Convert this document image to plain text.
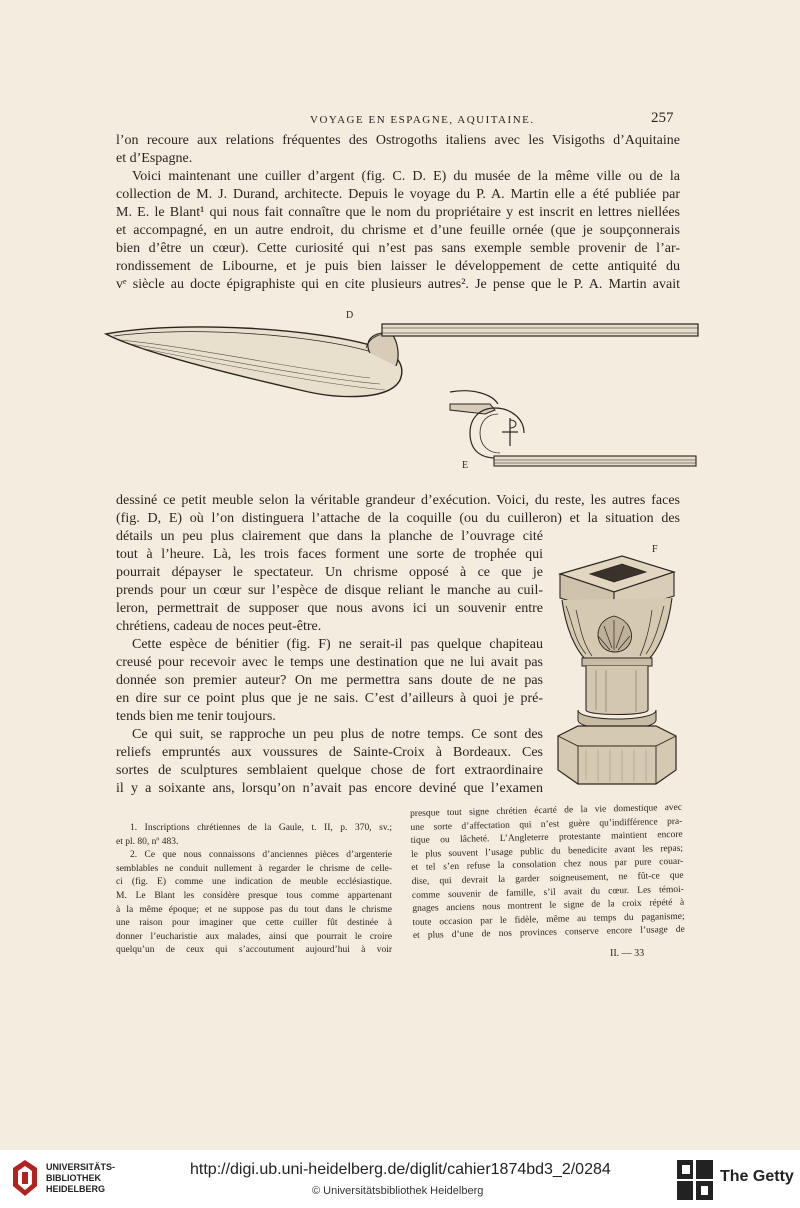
VOYAGE EN ESPAGNE, AQUITAINE.	257
l’on recoure aux relations fréquentes des Ostrogoths italiens avec les Visigoths d’Aquitaine
et d’Espagne.
Voici maintenant une cuiller d’argent (fig. C. D. E) du musée de la même ville ou de la
collection de M. J. Durand, architecte. Depuis le voyage du P. A. Martin elle a été publiée par
M. E. le Blant¹ qui nous fait connaître que le nom du propriétaire y est inscrit en lettres niellées
et accompagné, en un autre endroit, du chrisme et d’une feuille ornée (que je soupçonnerais
bien d’être un cœur). Cette curiosité qui n’est pas sans exemple semble provenir de l’ar-
rondissement de Libourne, et je puis bien laisser le développement de cette antiquité du
vᵉ siècle au docte épigraphiste qui en cite plusieurs autres². Je pense que le P. A. Martin avait
D
E
dessiné ce petit meuble selon la véritable grandeur d’exécution. Voici, du reste, les autres faces
(fig. D, E) où l’on distinguera l’attache de la coquille (ou du cuilleron) et la situation des
détails un peu plus clairement que dans la planche de l’ouvrage cité
tout à l’heure. Là, les trois faces forment une sorte de trophée qui
pourrait dépayser le spectateur. Un chrisme opposé à ce que je
prends pour un cœur sur l’espèce de disque reliant le manche au cuil-
leron, permettrait de supposer que nous avons ici un souvenir entre
chrétiens, cadeau de noces peut-être.
Cette espèce de bénitier (fig. F) ne serait-il pas quelque chapiteau
creusé pour recevoir avec le temps une destination que ne lui avait pas
donnée son premier auteur? On me permettra sans doute de ne pas
en dire sur ce point plus que je ne sais. C’est d’ailleurs à quoi je pré-
tends bien me tenir toujours.
Ce qui suit, se rapproche un peu plus de notre temps. Ce sont des
reliefs empruntés aux voussures de Sainte-Croix à Bordeaux. Ces
sortes de sculptures semblaient quelque chose de fort extraordinaire
il y a soixante ans, lorsqu’on n’avait pas encore deviné que l’examen
F
1. Inscriptions chrétiennes de la Gaule, t. II, p. 370, sv.;
et pl. 80, nº 483.
2. Ce que nous connaissons d’anciennes pièces d’argenterie
semblables ne conduit nullement à regarder le chrisme de celle-
ci (fig. E) comme une indication de meuble ecclésiastique.
M. Le Blant les considère presque tous comme appartenant
à la même époque; et ne suppose pas du tout dans le chrisme
une raison pour imaginer que cette cuiller fût destinée à
donner l’eucharistie aux malades, ainsi que pourrait le croire
quelqu’un de ceux qui s’accoutument aujourd’hui à voir
presque tout signe chrétien écarté de la vie domestique avec
une sorte d’affectation qui n’est guère qu’indifférence pra-
tique ou lâcheté. L’Angleterre protestante maintient encore
le plus souvent l’usage public du benedicite avant les repas;
et tel s’en refuse la consolation chez nous par pure couar-
dise, qui devrait la garder soigneusement, ne fût-ce que
comme souvenir de famille, s’il avait du cœur. Les témoi-
gnages anciens nous montrent le signe de la croix répété à
toute occasion par le fidèle, même au temps du paganisme;
et plus d’une de nos provinces conserve encore l’usage de
II. — 33
UNIVERSITÄTS-
BIBLIOTHEK
HEIDELBERG
http://digi.ub.uni-heidelberg.de/diglit/cahier1874bd3_2/0284
© Universitätsbibliothek Heidelberg
The Getty
